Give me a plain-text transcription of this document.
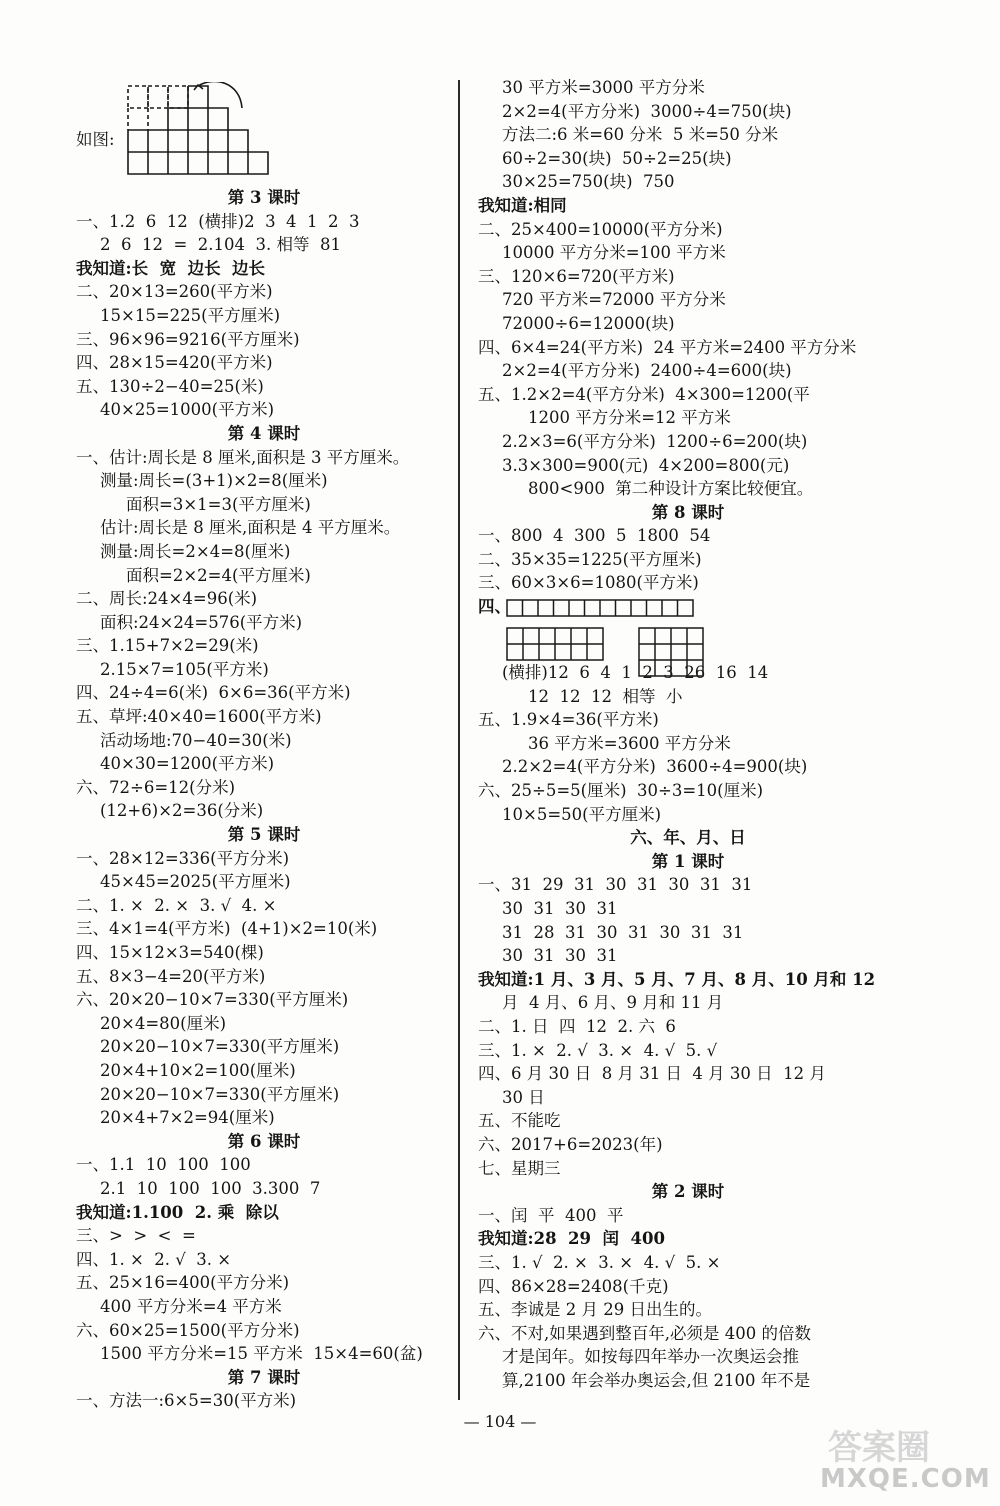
如图:
第 3 课时
一、1.2  6  12  (横排)2  3  4  1  2  3
2  6  12  =  2.104  3. 相等  81
我知道:长  宽  边长  边长
二、20×13=260(平方米)
15×15=225(平方厘米)
三、96×96=9216(平方厘米)
四、28×15=420(平方米)
五、130÷2−40=25(米)
40×25=1000(平方米)
第 4 课时
一、估计:周长是 8 厘米,面积是 3 平方厘米。
测量:周长=(3+1)×2=8(厘米)
面积=3×1=3(平方厘米)
估计:周长是 8 厘米,面积是 4 平方厘米。
测量:周长=2×4=8(厘米)
面积=2×2=4(平方厘米)
二、周长:24×4=96(米)
面积:24×24=576(平方米)
三、1.15+7×2=29(米)
2.15×7=105(平方米)
四、24÷4=6(米)  6×6=36(平方米)
五、草坪:40×40=1600(平方米)
活动场地:70−40=30(米)
40×30=1200(平方米)
六、72÷6=12(分米)
(12+6)×2=36(分米)
第 5 课时
一、28×12=336(平方分米)
45×45=2025(平方厘米)
二、1. ×  2. ×  3. √  4. ×
三、4×1=4(平方米)  (4+1)×2=10(米)
四、15×12×3=540(棵)
五、8×3−4=20(平方米)
六、20×20−10×7=330(平方厘米)
20×4=80(厘米)
20×20−10×7=330(平方厘米)
20×4+10×2=100(厘米)
20×20−10×7=330(平方厘米)
20×4+7×2=94(厘米)
第 6 课时
一、1.1  10  100  100
2.1  10  100  100  3.300  7
我知道:1.100  2. 乘  除以
三、>  >  <  =
四、1. ×  2. √  3. ×
五、25×16=400(平方分米)
400 平方分米=4 平方米
六、60×25=1500(平方分米)
1500 平方分米=15 平方米  15×4=60(盆)
第 7 课时
一、方法一:6×5=30(平方米)
30 平方米=3000 平方分米
2×2=4(平方分米)  3000÷4=750(块)
方法二:6 米=60 分米  5 米=50 分米
60÷2=30(块)  50÷2=25(块)
30×25=750(块)  750
我知道:相同
二、25×400=10000(平方分米)
10000 平方分米=100 平方米
三、120×6=720(平方米)
720 平方米=72000 平方分米
72000÷6=12000(块)
四、6×4=24(平方米)  24 平方米=2400 平方分米
2×2=4(平方分米)  2400÷4=600(块)
五、1.2×2=4(平方分米)  4×300=1200(平
1200 平方分米=12 平方米
2.2×3=6(平方分米)  1200÷6=200(块)
3.3×300=900(元)  4×200=800(元)
800<900  第二种设计方案比较便宜。
第 8 课时
一、800  4  300  5  1800  54
二、35×35=1225(平方厘米)
三、60×3×6=1080(平方米)
四、
(横排)12  6  4  1  2  3  26  16  14
12  12  12  相等  小
五、1.9×4=36(平方米)
36 平方米=3600 平方分米
2.2×2=4(平方分米)  3600÷4=900(块)
六、25÷5=5(厘米)  30÷3=10(厘米)
10×5=50(平方厘米)
六、年、月、日
第 1 课时
一、31  29  31  30  31  30  31  31
30  31  30  31
31  28  31  30  31  30  31  31
30  31  30  31
我知道:1 月、3 月、5 月、7 月、8 月、10 月和 12
月  4 月、6 月、9 月和 11 月
二、1. 日  四  12  2. 六  6
三、1. ×  2. √  3. ×  4. √  5. √
四、6 月 30 日  8 月 31 日  4 月 30 日  12 月
30 日
五、不能吃
六、2017+6=2023(年)
七、星期三
第 2 课时
一、闰  平  400  平
我知道:28  29  闰  400
三、1. √  2. ×  3. ×  4. √  5. ×
四、86×28=2408(千克)
五、李诚是 2 月 29 日出生的。
六、不对,如果遇到整百年,必须是 400 的倍数
才是闰年。如按每四年举办一次奥运会推
算,2100 年会举办奥运会,但 2100 年不是
— 104 —
答案圈
MXQE.COM
